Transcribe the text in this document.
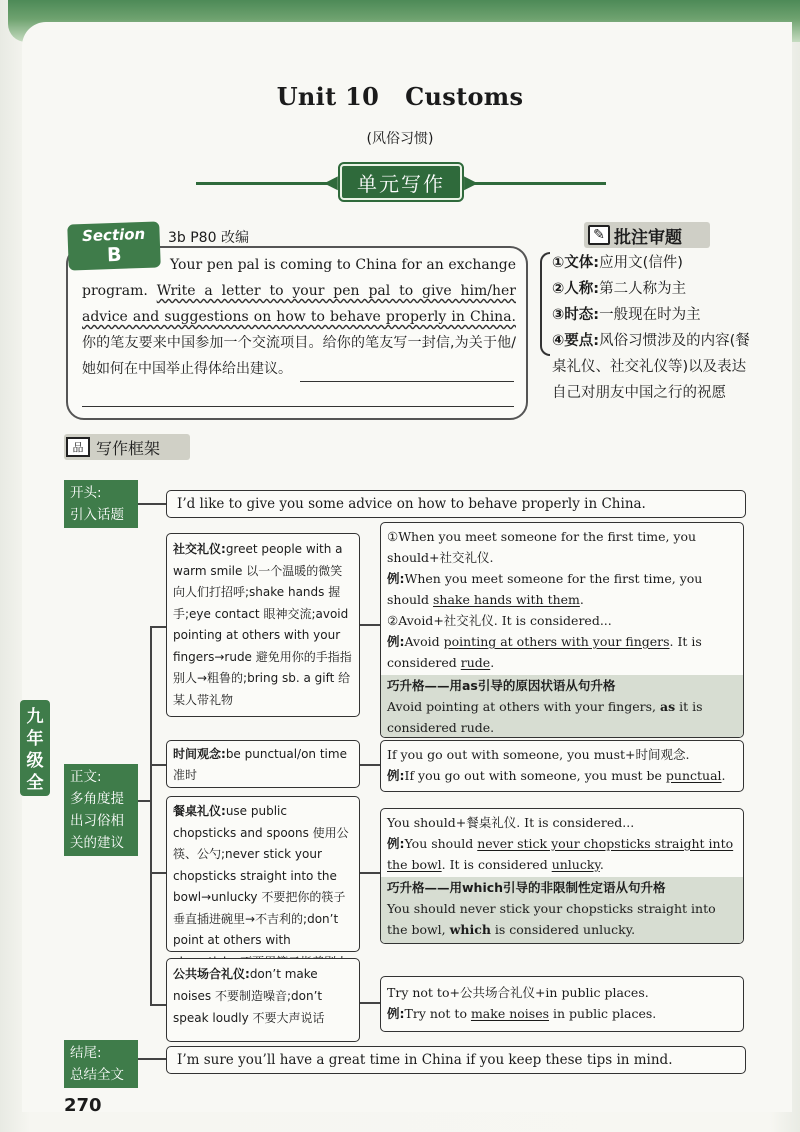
Unit 10 Customs
(风俗习惯)
◀	▶
单元写作
Section
B
3b P80 改编
Your pen pal is coming to China for an exchange program. Write a letter to your pen pal to give him/her advice and suggestions on how to behave properly in China. 你的笔友要来中国参加一个交流项目。给你的笔友写一封信,为关于他/她如何在中国举止得体给出建议。
✎ 批注审题
①文体:应用文(信件)
②人称:第二人称为主
③时态:一般现在时为主
④要点:风俗习惯涉及的内容(餐桌礼仪、社交礼仪等)以及表达自己对朋友中国之行的祝愿
品 写作框架
开头:
引入话题
正文:
多角度提
出习俗相
关的建议
结尾:
总结全文
九
年
级
全
I’d like to give you some advice on how to behave properly in China.
社交礼仪:greet people with a warm smile 以一个温暖的微笑向人们打招呼;shake hands 握手;eye contact 眼神交流;avoid pointing at others with your fingers→rude 避免用你的手指指别人→粗鲁的;bring sb. a gift 给某人带礼物
①When you meet someone for the first time, you should+社交礼仪.
例:When you meet someone for the first time, you should shake hands with them.
②Avoid+社交礼仪. It is considered...
例:Avoid pointing at others with your fingers. It is considered rude.
巧升格——用as引导的原因状语从句升格
Avoid pointing at others with your fingers, as it is considered rude.
时间观念:be punctual/on time 准时
If you go out with someone, you must+时间观念.
例:If you go out with someone, you must be punctual.
餐桌礼仪:use public chopsticks and spoons 使用公筷、公勺;never stick your chopsticks straight into the bowl→unlucky 不要把你的筷子垂直插进碗里→不吉利的;don’t point at others with
You should+餐桌礼仪. It is considered...
例:You should never stick your chopsticks straight into the bowl. It is considered unlucky.
巧升格——用which引导的非限制性定语从句升格
You should never stick your chopsticks straight into the bowl, which is considered unlucky.
公共场合礼仪:don’t make noises 不要制造噪音;don’t speak loudly 不要大声说话
Try not to+公共场合礼仪+in public places.
例:Try not to make noises in public places.
I’m sure you’ll have a great time in China if you keep these tips in mind.
270
